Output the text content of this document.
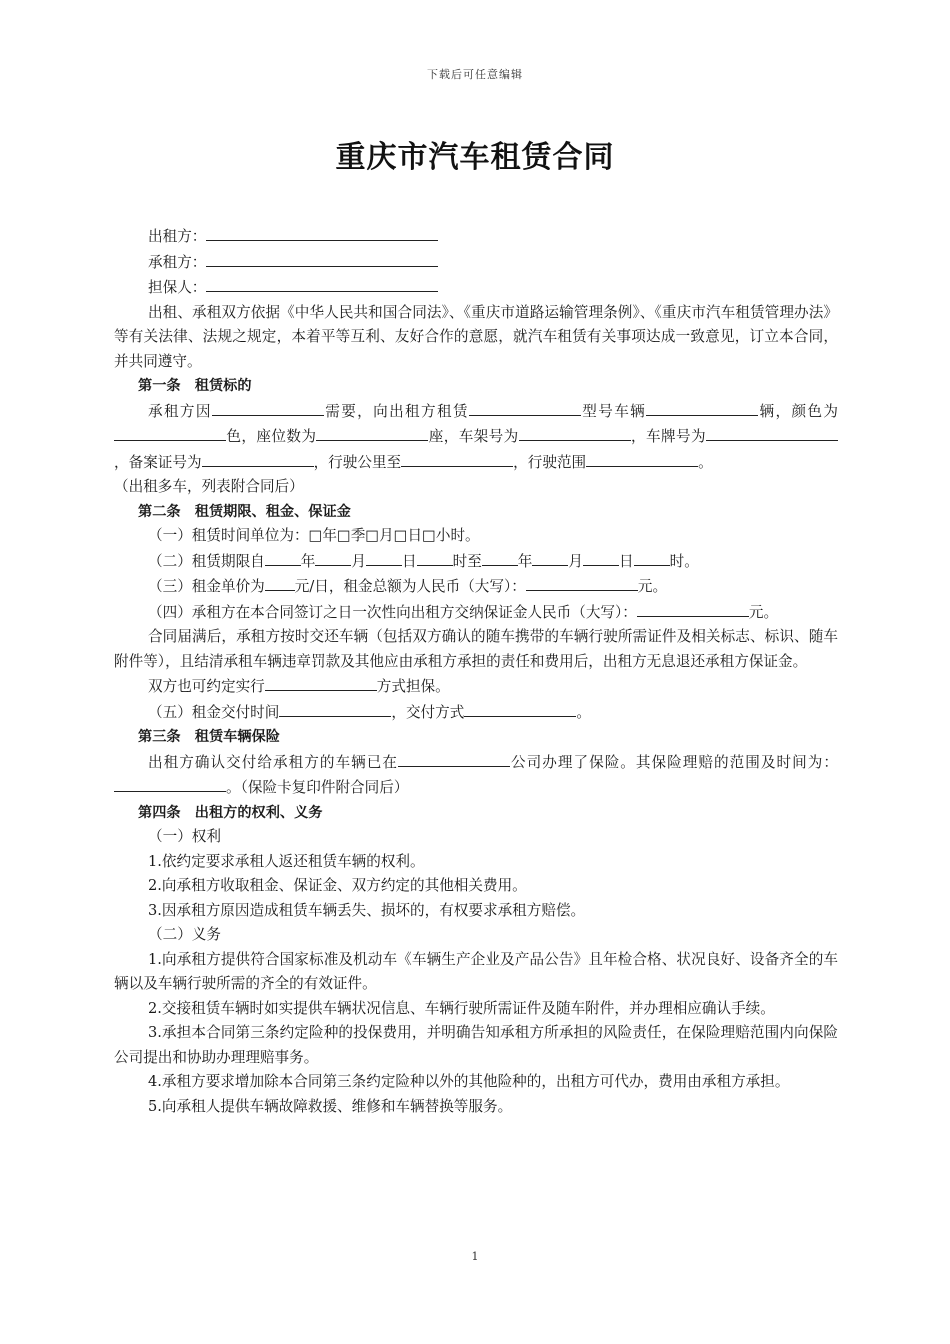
下载后可任意编辑
重庆市汽车租赁合同

出租方：

承租方：

担保人：

出租、承租双方依据《中华人民共和国合同法》、《重庆市道路运输管理条例》、《重庆市汽车租赁管理办法》等有关法律、法规之规定，本着平等互利、友好合作的意愿，就汽车租赁有关事项达成一致意见，订立本合同，并共同遵守。

第一条　租赁标的

承租方因	需要，向出租方租赁	型号车辆	辆，颜色为色，座位数为	座，车架号为	，车牌号为，备案证号为	，行驶公里至	，行驶范围	。

（出租多车，列表附合同后）

第二条　租赁期限、租金、保证金

（一）租赁时间单位为：□年□季□月□日□小时。

（二）租赁期限自 年 月 日 时至 年 月 日 时。

（三）租金单价为 元/日，租金总额为人民币（大写）：	元。

（四）承租方在本合同签订之日一次性向出租方交纳保证金人民币（大写）：	元。

合同届满后，承租方按时交还车辆（包括双方确认的随车携带的车辆行驶所需证件及相关标志、标识、随车附件等），且结清承租车辆违章罚款及其他应由承租方承担的责任和费用后，出租方无息退还承租方保证金。

双方也可约定实行	方式担保。

（五）租金交付时间	，交付方式	。

第三条　租赁车辆保险

出租方确认交付给承租方的车辆已在	公司办理了保险。其保险理赔的范围及时间为：。（保险卡复印件附合同后）

第四条　出租方的权利、义务

（一）权利

1.依约定要求承租人返还租赁车辆的权利。

2.向承租方收取租金、保证金、双方约定的其他相关费用。

3.因承租方原因造成租赁车辆丢失、损坏的，有权要求承租方赔偿。

（二）义务

1.向承租方提供符合国家标准及机动车《车辆生产企业及产品公告》且年检合格、状况良好、设备齐全的车辆以及车辆行驶所需的齐全的有效证件。

2.交接租赁车辆时如实提供车辆状况信息、车辆行驶所需证件及随车附件，并办理相应确认手续。

3.承担本合同第三条约定险种的投保费用，并明确告知承租方所承担的风险责任，在保险理赔范围内向保险公司提出和协助办理理赔事务。

4.承租方要求增加除本合同第三条约定险种以外的其他险种的，出租方可代办，费用由承租方承担。

5.向承租人提供车辆故障救援、维修和车辆替换等服务。

1
